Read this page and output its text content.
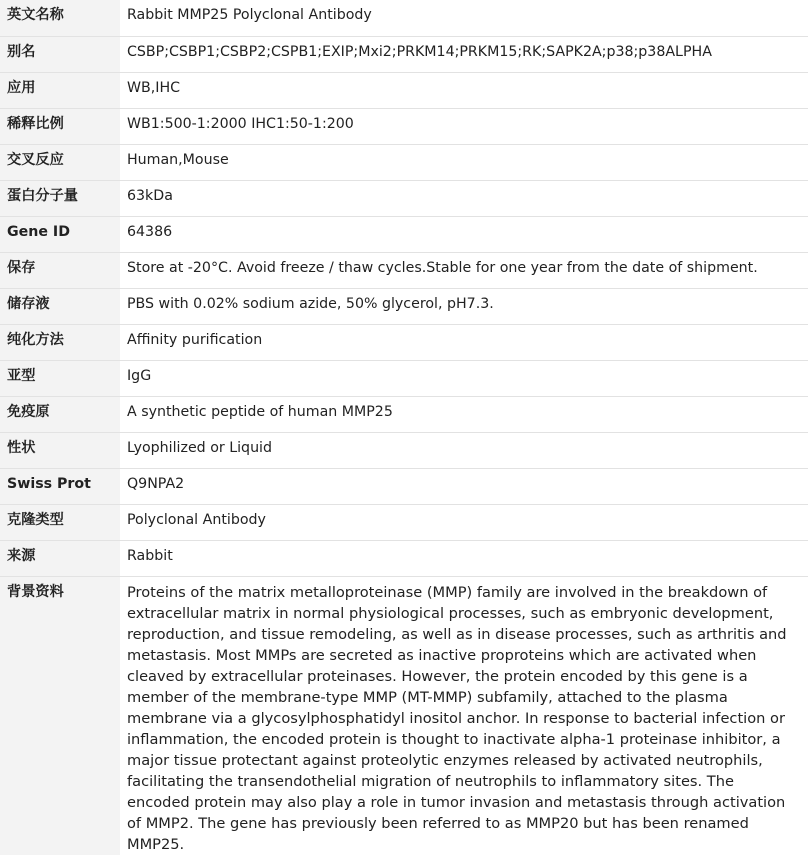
英文名称	Rabbit MMP25 Polyclonal Antibody
别名	CSBP;CSBP1;CSBP2;CSPB1;EXIP;Mxi2;PRKM14;PRKM15;RK;SAPK2A;p38;p38ALPHA
应用	WB,IHC
稀释比例	WB1:500-1:2000 IHC1:50-1:200
交叉反应	Human,Mouse
蛋白分子量	63kDa
Gene ID	64386
保存	Store at -20°C. Avoid freeze / thaw cycles.Stable for one year from the date of shipment.
储存液	PBS with 0.02% sodium azide, 50% glycerol, pH7.3.
纯化方法	Affinity purification
亚型	IgG
免疫原	A synthetic peptide of human MMP25
性状	Lyophilized or Liquid
Swiss Prot	Q9NPA2
克隆类型	Polyclonal Antibody
来源	Rabbit
背景资料	Proteins of the matrix metalloproteinase (MMP) family are involved in the breakdown of extracellular matrix in normal physiological processes, such as embryonic development, reproduction, and tissue remodeling, as well as in disease processes, such as arthritis and metastasis. Most MMPs are secreted as inactive proproteins which are activated when cleaved by extracellular proteinases. However, the protein encoded by this gene is a member of the membrane-type MMP (MT-MMP) subfamily, attached to the plasma membrane via a glycosylphosphatidyl inositol anchor. In response to bacterial infection or inflammation, the encoded protein is thought to inactivate alpha-1 proteinase inhibitor, a major tissue protectant against proteolytic enzymes released by activated neutrophils, facilitating the transendothelial migration of neutrophils to inflammatory sites. The encoded protein may also play a role in tumor invasion and metastasis through activation of MMP2. The gene has previously been referred to as MMP20 but has been renamed MMP25.
